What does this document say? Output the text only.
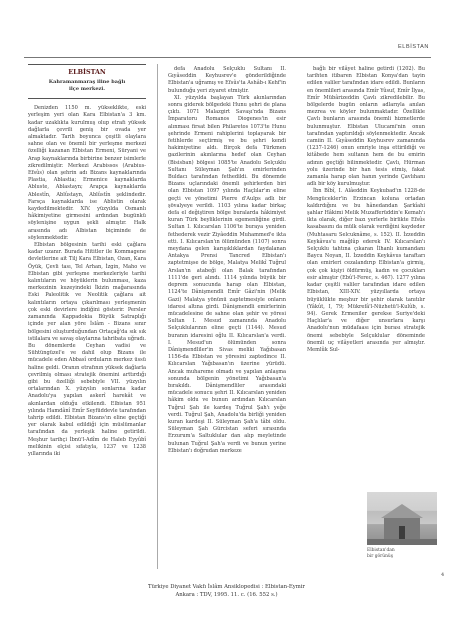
ELBİSTAN
ELBİSTAN
Kahramanmaraş iline bağlı
ilçe merkezi.

Denizden 1150 m. yükseklikte, eski yerleşim yeri olan Kara Elbistan'a 3 km. kadar uzaklıkta kurulmuş olup etrafı yüksek dağlarla çevrili geniş bir ovada yer almaktadır. Tarih boyunca çeşitli olaylara sahne olan ve önemli bir yerleşme merkezi özelliği kazanan Elbistan Ermeni, Süryani ve Arap kaynaklarında birbirine benzer isimlerle zikredilmiştir. Merkezi Arabissos (Arabius-Efsûs) olan şehrin adı Bizans kaynaklarında Plastia, Ablastia; Ermenice kaynaklarda Abluste, Ablastayn; Arapça kaynaklarda Ablestîn, Ablûstayn, Ablûstîn şeklindedir. Farsça kaynaklarda ise Ablistin olarak kaydedilmektedir. XIV. yüzyılda Osmanlı hâkimiyetine girmesini ardından bugünkü söylenişine uygun şekli almıştır. Halk arasında adı Albistan biçiminde de söylenmektedir.

Elbistan bölgesinin tarihi eski çağlara kadar uzanır. Burada Hititler ile Kommagene devletlerine ait Tilj Kara Elbistan, Ozan, Kara Öyük, Çevli tası, Tel Arhan, İzgin, Maho ve Elbistan gibi yerleşme merkezleriyle tarihi kalıntıların ve höyüklerin bulunması, kaza merkezinin kuzeyindeki İkizin mağarasında Eski Paleolitik ve Neolitik çağlara ait kalıntıların ortaya çıkarılması yerleşmenin çok eski devirlere indiğini gösterir. Persler zamanında Kappadokia Büyük Satraplığı içinde yer alan yöre İslâm - Bizans sınır bölgesini oluşturduğundan Ortaçağ'da sık sık istilalara ve savaş olaylarına tahribata uğradı. Bu dönemlerde Ceyhan vadisi ve Sühtüngüzel'e ve dahil olup Bizans ile mücadele eden Abbasî orduların merkez üssü haline geldi. Oranın etrafının yüksek dağlarla çevrilmiş olması stratejik önemini arttırdığı gibi bu özelliği sebebiyle VII. yüzyılın ortalarından X. yüzyılın sonlarına kadar Anadolu'ya yapılan askerî harekât ve akınlardan olduğu etkilendi. Elbistan 951 yılında Hamdânî Emîr Seyfüddevle tarafından tahrip edildi. Elbistan Bizans'ın eline geçtiği yer olarak kabul edildiği için müslümanlar tarafından da yerleşik haline getirildi. Meşhur tarihçi İbnü'l-Adîm de Haleb Eyyûbî melikinin elçisi sıfatıyla, 1237 ve 1238 yıllarında iki

defa Anadolu Selçuklu Sultanı II. Gıyâseddin Keyhusrev'e gönderildiğinde Elbistan'a uğramış ve Efsûs'ta Ashâb-ı Kehf'in bulunduğu yeri ziyaret etmiştir.

XI. yüzyılda başlayan Türk akınlarından sonra giderek bölgedeki Hunu şehri de plana çıktı. 1071 Malazgirt Savaşı'nda Bizans İmparatoru Romanos Diogenes'in esir alınması firsat bilen Philaretos 1073'te Hunu şehrinde Ermeni rahiplerini toplayarak bir fetihlerde seçtirmiş ve bu şehri kendi hakimiyetine aldı. Birçok defa Türkmen gazilerinin akınlarına hedef olan Ceyhan (Bisisban) bölgesi 1085'te Anadolu Selçuklu Sultanı Süleyman Şah'ın emirlerinden Buldacı tarafından fethedildi. Bu dönemde Bizans uçlarındaki önemli şehirlerden biri olan Elbistan 1097 yılında Haçlılar'ın eline geçti ve yönetimi Pierre d'Aulps adlı bir şövalyeye verildi. 1103 yılına kadar birkaç defa el değiştiren bölge buralarda hâkimiyet kuran Türk beyliklerinin egemenliğine girdi. Sultan I. Kılıcarslan 1106'te buraya yeniden fethederek vezir Ziyâeddin Muhammed'e ikta etti. I. Kılıcarslan'ın ölümünden (1107) sonra meydana gelen karışıklıklardan faydalanan Antakya Prensi Tancred Elbistan'ı zaptetmişse de bölge, Malatya Melikî Tuğrul Arslan'ın atabeği olan Balak tarafından 1111'de geri alındı. 1114 yılında büyük bir deprem sonucunda harap olan Elbistan, 1124'te Dânişmendli Emîr Gâzi'nin (Melik Gazi) Malatya yönünü zaptetmesiyle onların idaresi altına girdi. Dânişmendli emirlerinin mücadelesine de sahne olan şehir ve yöresi Sultan I. Mesud zamanında Anadolu Selçuklularının eline geçti (1144). Mesud buranın idaresini oğlu II. Kılıcarslan'a verdi. I. Mesud'un ölümünden sonra Dânişmendliler'in Sivas meliki Yağıbasan 1156-da Elbistan ve yöresini zaptedince II. Kılıcarslan Yağıbasan'ın üzerine yürüdü. Ancak muhareme olmadı ve yapılan anlaşma sonunda bölgenin yönetimi Yağıbasan'a bırakıldı. Dânişmendliler arasındaki mücadele sonucu şehri II. Kılıcarslan yeniden hâkim oldu ve bunun ardından Kılıcarslan Tuğrul Şah ile kardeş Tuğrul Şah'ı yeğe verdi. Tuğrul Şah, Anadolu'da birliği yeniden kuran kardeşi II. Süleyman Şah'a tâbi oldu. Süleyman Şah Gürcistan seferi sırasında Erzurum'a Saltuklular dan alıp meyletinde bulunan Tuğrul Şah'a verdi ve bunun yerine Elbistan'ı doğrudan merkeze

bağlı bir vilâyet haline getirdi (1202). Bu tarihten itibaren Elbistan Konya'dan tayin edilen valiler tarafından idare edildi. Bunların en önemlileri arasında Emîr Yûsuf, Emîr İlyas, Emîr Mübârizeddin Çavlı zikredilebilir. Bu bölgelerde bugün onların adlarıyla anılan mezrea ve köyler bulunmaktadır. Özellikle Çavlı bunların arasında önemli hizmetlerde bulunmuştur. Elbistan Ulucami'nin onun tarafından yaptırıldığı söylenmektedir. Ancak camiin II. Gıyâseddin Keyhusrev zamanında (1237-1246) onun emriyle inşa ettirildiği ve kitâbede hem sultanın hem de bu emirin adının geçtiği bilinmektedir. Çavlı, Hürman yolu üzerinde bir han tesis etmiş, fakat zamanla harap olan hanın yerinde Çavlıhanı adlı bir köy kurulmuştur.

İbn Bîbî, I. Alâeddin Keykubad'ın 1228-de Mengücekler'in Erzincan koluna ortadan kaldırdığını ve bu hânedandan Şarkîahi şahlar Hâkimi Melik Muzafferüddin'e Kemah'ı ikta olarak, diğer bazı yerlerle birlikte Efsûs kasabasını da mülk olarak verdiğini kaydeder (Muhtasaru Selcuknâme, s. 152). II. İzzeddin Keykâvus'u mağlûp ederek IV. Kılıcarslan'ı Selçuklu tahtına çıkaran İlhanlı kumandanı Baycu Noyan, II. İzzeddin Keykâvus taraftarı olan emirleri cezalandırıp Elbistan'a girmiş, çok çok kişiyi öldürmüş, kadın ve çocukları esir almıştır (Ebû'l-Ferec, s. 467). 1277 yılına kadar çeşitli valiler tarafından idare edilen Elbistan, XIII-XIV. yüzyıllarda ortaya büyüklükte meşhur bir şehir olarak tanıtılır (Yâkût, I, 79; Mükrefâ'l-Nüzhetü'l-Kulûb, s. 94). Gerek Ermeniler gerekse Suriye'deki Haçlılar'a ve diğer unsurlara karşı Anadolu'nun müdafaası için burası stratejik önemi sebebiyle Selçuklular döneminde önemli uç vilâyetleri arasında yer almıştır. Memlûk Sul-

Elbistan'dan bir görünüş
4
Türkiye Diyanet Vakfı İslâm Ansiklopedisi : Elbistan-Eymir
Ankara : TDV, 1995. 11. c. (16. 552 s.)
